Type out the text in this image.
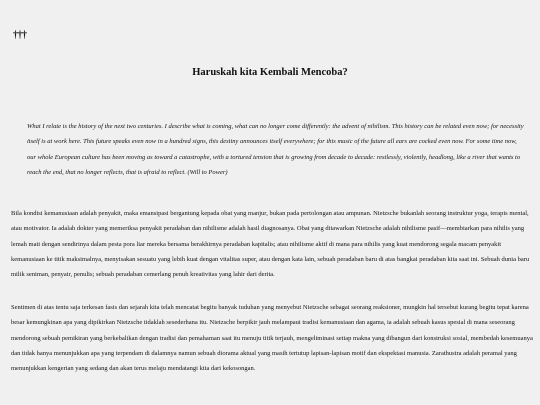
†††
Haruskah kita Kembali Mencoba?
What I relate is the history of the next two centuries. I describe what is coming, what can no longer come differently: the advent of nihilism. This history can be related even now; for necessity itself is at work here. This future speaks even now in a hundred signs, this destiny announces itself everywhere; for this music of the future all ears are cocked even now. For some time now, our whole European culture has been moving as toward a catastrophe, with a tortured tension that is growing from decade to decade: restlessly, violently, headlong, like a river that wants to reach the end, that no longer reflects, that is afraid to reflect. (Will to Power)
Bila kondisi kemanusiaan adalah penyakit, maka emansipasi bergantung kepada obat yang manjur, bukan pada pertolongan atau ampunan. Nietzsche bukanlah seorang instruktur yoga, terapis mental, atau motivator. Ia adalah dokter yang memeriksa penyakit peradaban dan nihilisme adalah hasil diagnosanya. Obat yang ditawarkan Nietzsche adalah nihilisme pasif—membiarkan para nihilis yang lemah mati dengan sendirinya dalam pesta pora liar mereka bersama berakhirnya peradaban kapitalis; atau nihilisme aktif di mana para nihilis yang kuat mendorong segala macam penyakit kemanusiaan ke titik maksimalnya, menyisakan sesuatu yang lebih kuat dengan vitalitas super, atau dengan kata lain, sebuah peradaban baru di atas bangkai peradaban kita saat ini. Sebuah dunia baru milik seniman, penyair, penulis; sebuah peradaban cemerlang penuh kreativitas yang lahir dari derita.
Sentimen di atas tentu saja terkesan fasis dan sejarah kita telah mencatat begitu banyak tuduhan yang menyebut Nietzsche sebagai seorang reaksioner, mungkin hal tersebut kurang begitu tepat karena besar kemungkinan apa yang dipikirkan Nietzsche tidaklah sesederhana itu. Nietzsche berpikir jauh melampaui tradisi kemanusiaan dan agama, ia adalah sebuah kasus spesial di mana seseorang mendorong sebuah pemikiran yang berkebalikan dengan tradisi dan pemahaman saat itu menuju titik terjauh, mengeliminasi setiap makna yang dibangun dari konstruksi sosial, membedah kesemuanya dan tidak hanya menunjukkan apa yang terpendam di dalamnya namun sebuah diorama aktual yang masih tertutup lapisan-lapisan motif dan ekspektasi manusia. Zarathustra adalah peramal yang menunjukkan kengerian yang sedang dan akan terus melaju mendatangi kita dari kekosongan.
